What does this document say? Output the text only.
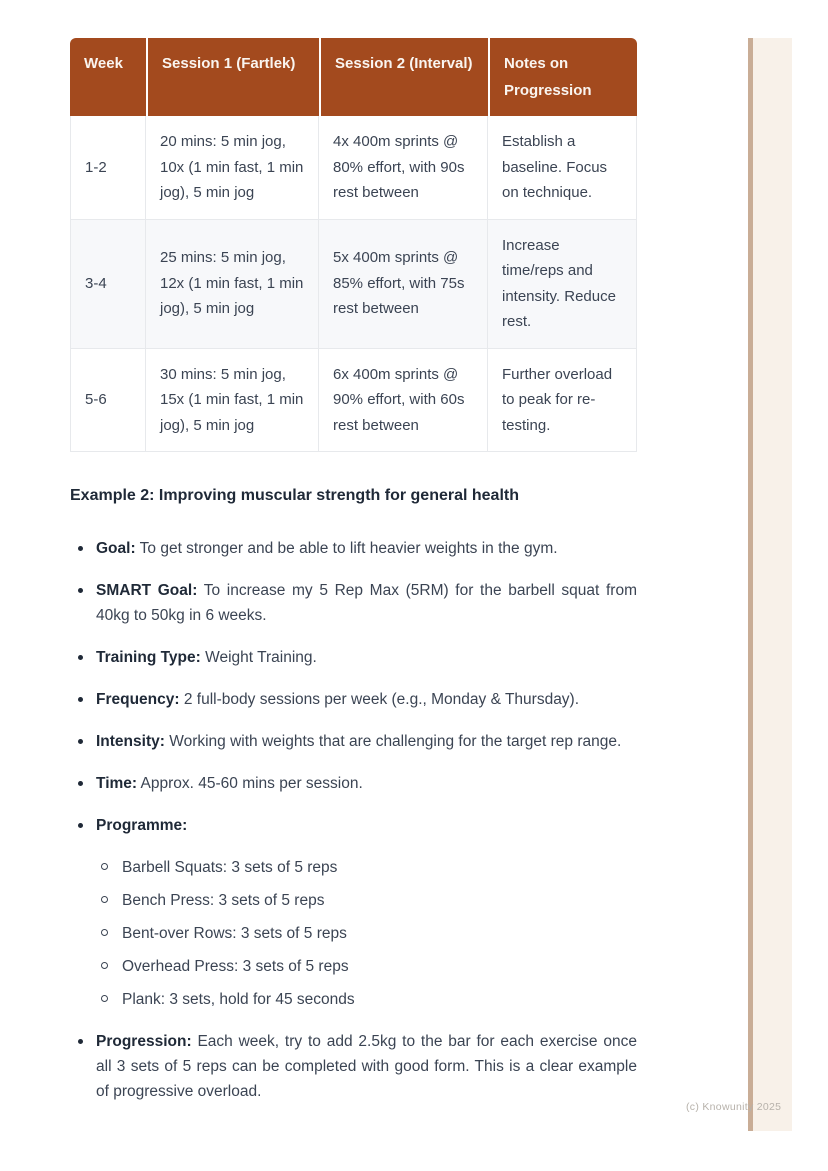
(c) Knowunity 2025
Week	Session 1 (Fartlek)	Session 2 (Interval)	Notes on Progression
1-2	20 mins: 5 min jog, 10x (1 min fast, 1 min jog), 5 min jog	4x 400m sprints @ 80% effort, with 90s rest between	Establish a baseline. Focus on technique.
3-4	25 mins: 5 min jog, 12x (1 min fast, 1 min jog), 5 min jog	5x 400m sprints @ 85% effort, with 75s rest between	Increase time/reps and intensity. Reduce rest.
5-6	30 mins: 5 min jog, 15x (1 min fast, 1 min jog), 5 min jog	6x 400m sprints @ 90% effort, with 60s rest between	Further overload to peak for re-testing.
Example 2: Improving muscular strength for general health
Goal: To get stronger and be able to lift heavier weights in the gym.
SMART Goal: To increase my 5 Rep Max (5RM) for the barbell squat from 40kg to 50kg in 6 weeks.
Training Type: Weight Training.
Frequency: 2 full-body sessions per week (e.g., Monday & Thursday).
Intensity: Working with weights that are challenging for the target rep range.
Time: Approx. 45-60 mins per session.
Programme:
Barbell Squats: 3 sets of 5 reps
Bench Press: 3 sets of 5 reps
Bent-over Rows: 3 sets of 5 reps
Overhead Press: 3 sets of 5 reps
Plank: 3 sets, hold for 45 seconds
Progression: Each week, try to add 2.5kg to the bar for each exercise once all 3 sets of 5 reps can be completed with good form. This is a clear example of progressive overload.
